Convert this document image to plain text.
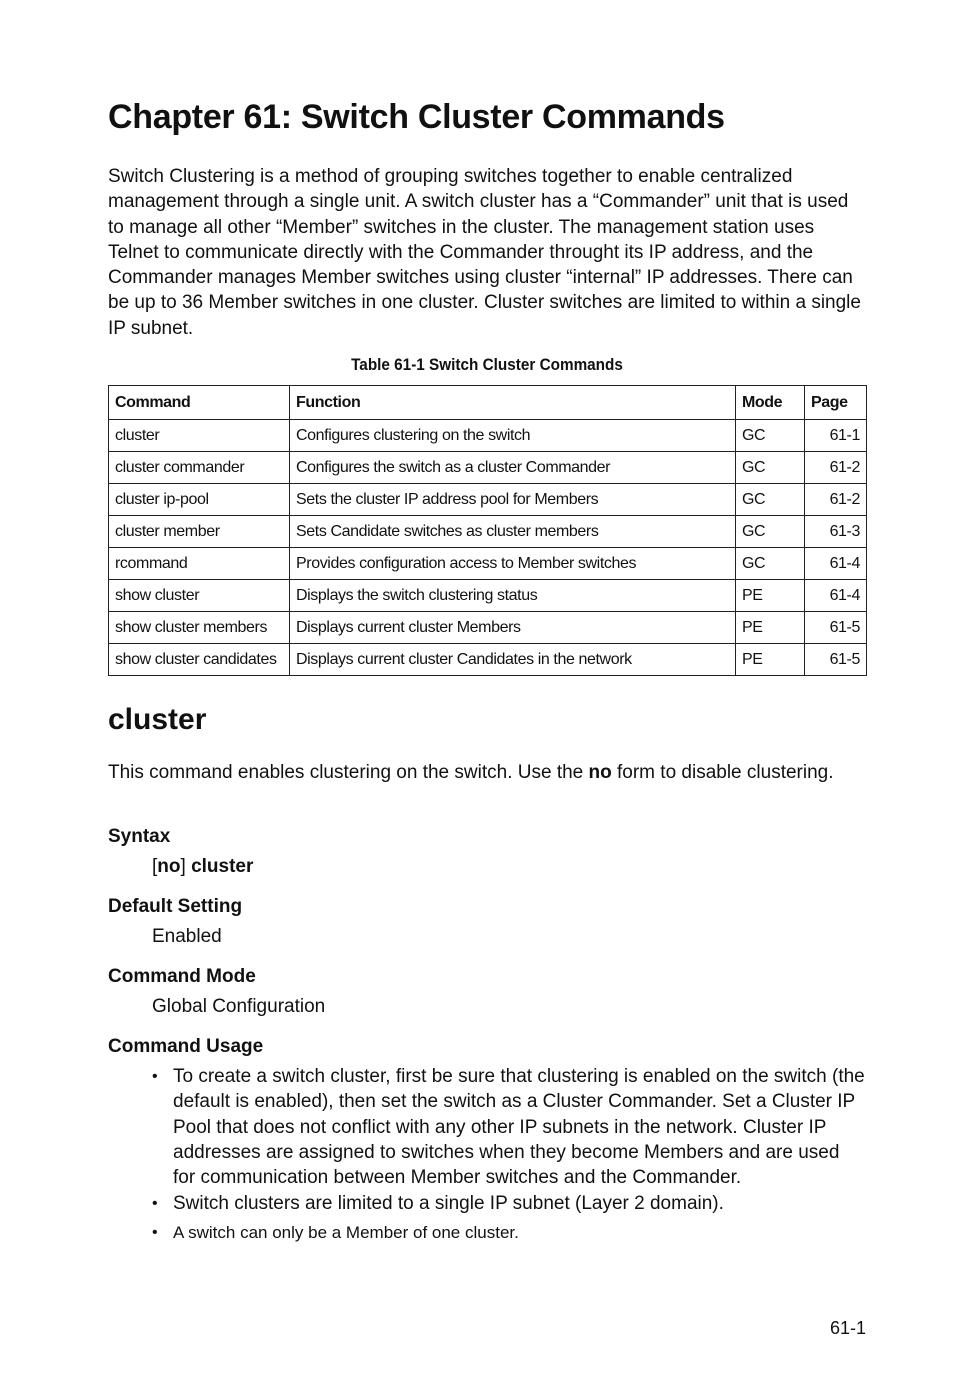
Chapter 61: Switch Cluster Commands

Switch Clustering is a method of grouping switches together to enable centralized management through a single unit. A switch cluster has a “Commander” unit that is used to manage all other “Member” switches in the cluster. The management station uses Telnet to communicate directly with the Commander throught its IP address, and the Commander manages Member switches using cluster “internal” IP addresses. There can be up to 36 Member switches in one cluster. Cluster switches are limited to within a single IP subnet.

Table 61-1 Switch Cluster Commands
Command	Function	Mode	Page
cluster	Configures clustering on the switch	GC	61-1
cluster commander	Configures the switch as a cluster Commander	GC	61-2
cluster ip-pool	Sets the cluster IP address pool for Members	GC	61-2
cluster member	Sets Candidate switches as cluster members	GC	61-3
rcommand	Provides configuration access to Member switches	GC	61-4
show cluster	Displays the switch clustering status	PE	61-4
show cluster members	Displays current cluster Members	PE	61-5
show cluster candidates	Displays current cluster Candidates in the network	PE	61-5
cluster

This command enables clustering on the switch. Use the no form to disable clustering.

Syntax

[no] cluster

Default Setting

Enabled

Command Mode

Global Configuration

Command Usage
• To create a switch cluster, first be sure that clustering is enabled on the switch (the default is enabled), then set the switch as a Cluster Commander. Set a Cluster IP Pool that does not conflict with any other IP subnets in the network. Cluster IP addresses are assigned to switches when they become Members and are used for communication between Member switches and the Commander.
• Switch clusters are limited to a single IP subnet (Layer 2 domain).
• A switch can only be a Member of one cluster.
61-1
